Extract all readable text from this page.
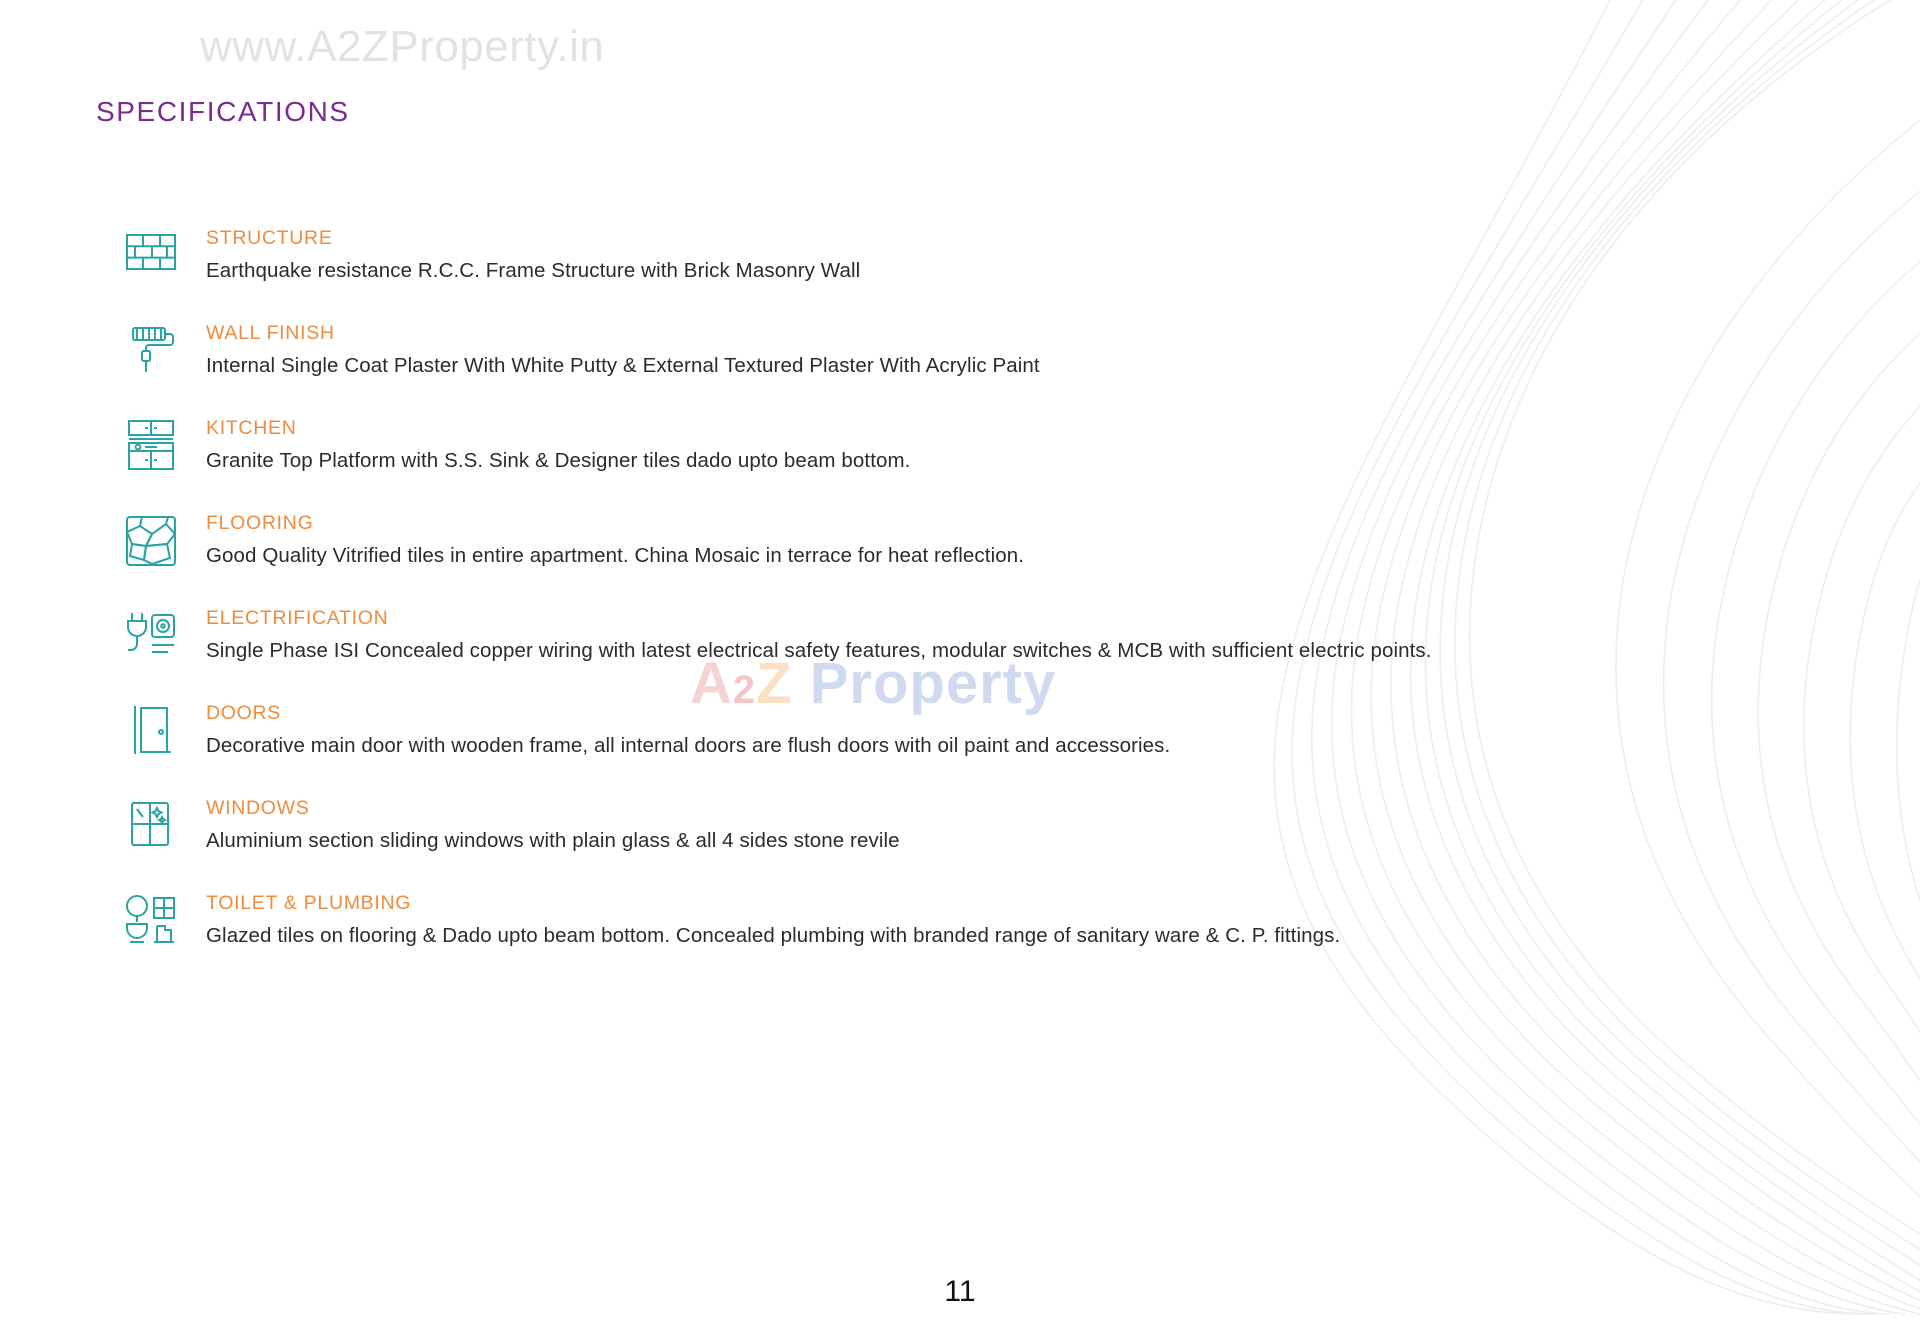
www.A2ZProperty.in
A2Z Property
SPECIFICATIONS
STRUCTURE
Earthquake resistance R.C.C. Frame Structure with Brick Masonry Wall
WALL FINISH
Internal Single Coat Plaster With White Putty & External Textured Plaster With Acrylic Paint
KITCHEN
Granite Top Platform with S.S. Sink & Designer tiles dado upto beam bottom.
FLOORING
Good Quality Vitrified tiles in entire apartment. China Mosaic in terrace for heat reflection.
ELECTRIFICATION
Single Phase ISI Concealed copper wiring with latest electrical safety features, modular switches & MCB with sufficient electric points.
DOORS
Decorative main door with wooden frame, all internal doors are flush doors with oil paint and accessories.
WINDOWS
Aluminium section sliding windows with plain glass & all 4 sides stone revile
TOILET & PLUMBING
Glazed tiles on flooring & Dado upto beam bottom. Concealed plumbing with branded range of sanitary ware & C. P. fittings.
11
